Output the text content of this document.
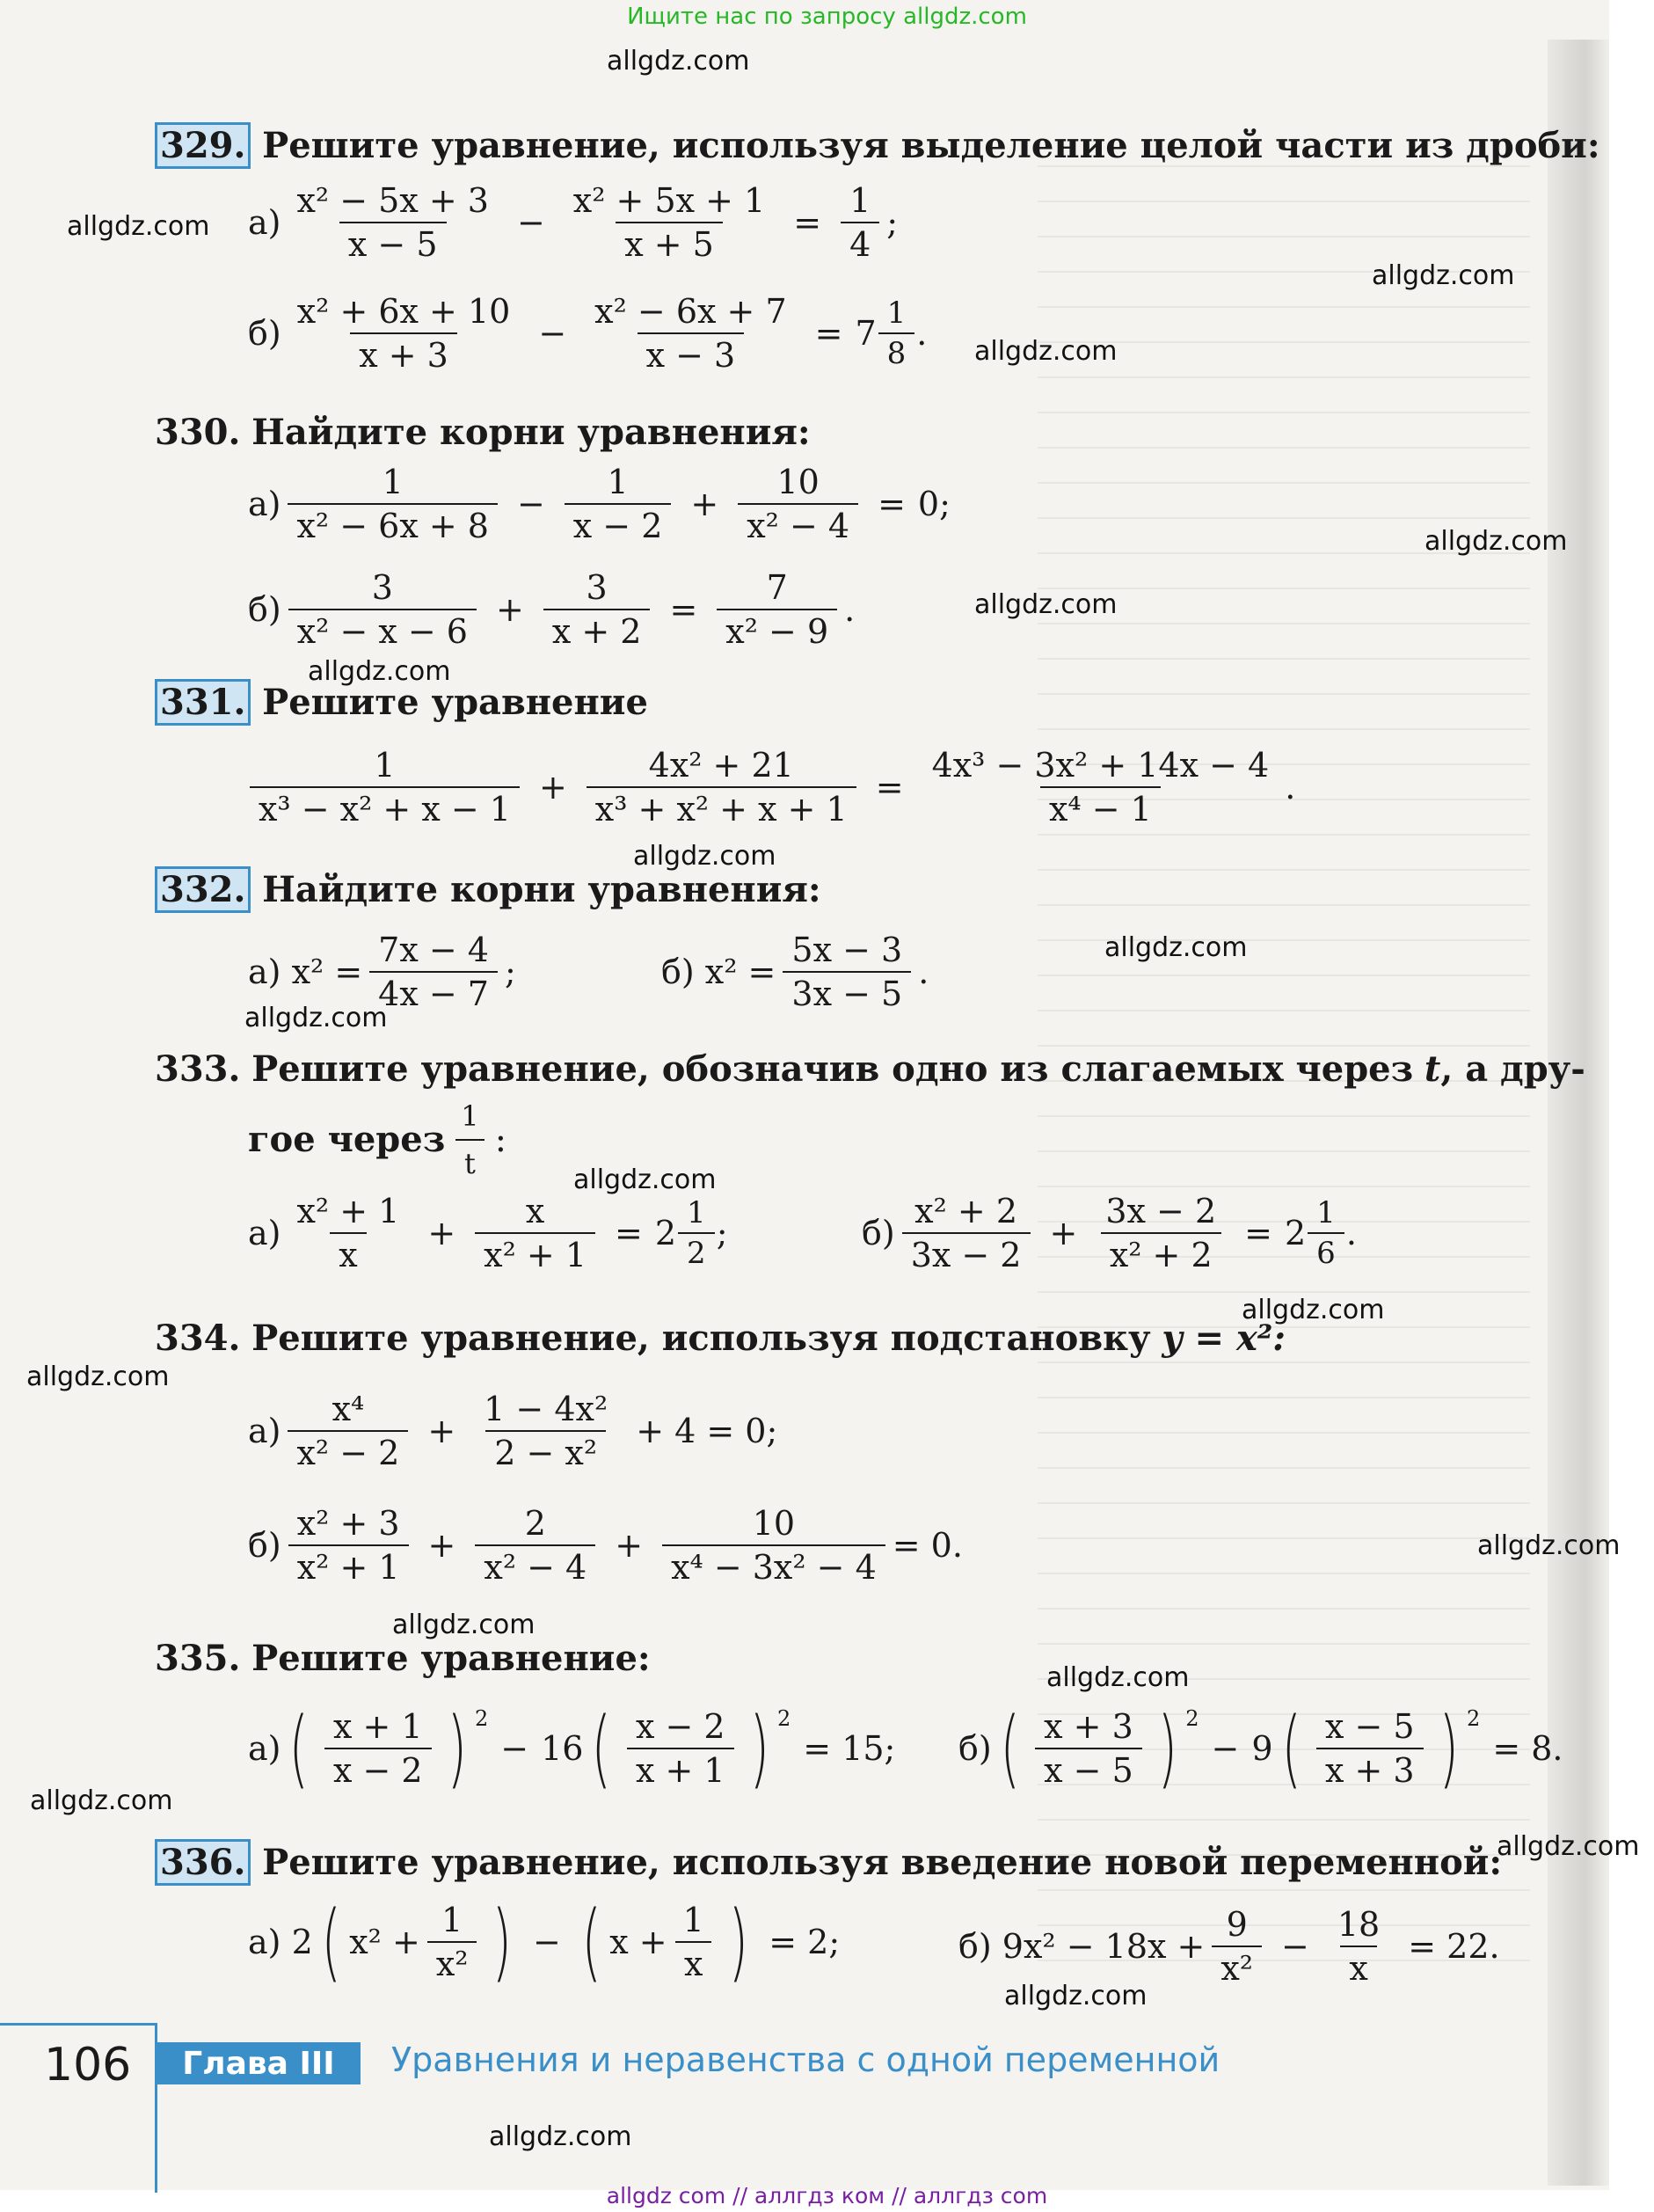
Ищите нас по запросу allgdz.com
allgdz.com
allgdz.com
allgdz.com
allgdz.com
allgdz.com
allgdz.com
allgdz.com
allgdz.com
allgdz.com
allgdz.com
allgdz.com
allgdz.com
allgdz.com
allgdz.com
allgdz.com
allgdz.com
allgdz.com
allgdz.com
allgdz.com
allgdz.com
329. Решите уравнение, используя выделение целой части из дроби:
$а) \frac{\text{x² − 5x + 3}}{x - 5} - \frac{\text{x² + 5x + 1}}{x + 5} = \frac{1}{4}$ ;
$б) \frac{\text{x² + 6x + 10}}{x + 3} - \frac{\text{x² − 6x + 7}}{x - 3} = 7 \frac{1}{8}$ .
330. Найдите корни уравнения:
$а) \frac{1}{\text{x² − 6x + 8}} - \frac{1}{x - 2} + \frac{10}{\text{x² − 4}} = 0$;
$б) \frac{3}{\text{x² − x − 6}} + \frac{3}{x + 2} = \frac{7}{\text{x² − 9}}$ .
331. Решите уравнение
$\frac{1}{\text{x³ − x² + x − 1}} + \frac{\text{4x² + 21}}{\text{x³ + x² + x + 1}} = \frac{\text{4x³ − 3x² + 14x − 4}}{\text{x⁴ − 1}}$ .
332. Найдите корни уравнения:
а)
$x^2 = \frac{7x - 4}{4x - 7}$ ;	б)
$x^2 = \frac{5x - 3}{3x - 5}$ .
333. Решите уравнение, обозначив одно из слагаемых через t, а дру-
гое через $\frac{1}{t}$ :
$а) \frac{\text{x² + 1}}{x} + \frac{x}{\text{x² + 1}} = 2 \frac{1}{2}$ ;	$б) \frac{\text{x² + 2}}{3x - 2} + \frac{3x - 2}{\text{x² + 2}} = 2 \frac{1}{6}$ .
334. Решите уравнение, используя подстановку y = x²:
$а) \frac{\text{x⁴}}{\text{x² − 2}} + \frac{\text{1 − 4x²}}{\text{2 − x²}} + 4 = 0$;
$б) \frac{\text{x² + 3}}{\text{x² + 1}} + \frac{2}{\text{x² − 4}} + \frac{10}{\text{x⁴ − 3x² − 4}} = 0$.
335. Решите уравнение:
а) ( $\frac{x + 1}{x - 2}$ ) $^2$
− 16 ( $\frac{x - 2}{x + 1}$ ) $^2$
= 15; б) ( $\frac{x + 3}{x - 5}$ ) $^2$
− 9 ( $\frac{x - 5}{x + 3}$ ) $^2$
= 8.
336. Решите уравнение, используя введение новой переменной:
а)
2 ( $x^2 + \frac{1}{\text{x²}}$ ) − ( $x + \frac{1}{x}$ ) = 2;	б)
$9x^2 - 18x + \frac{9}{\text{x²}} - \frac{18}{x} = 22$.
106	Глава III	Уравнения и неравенства с одной переменной
allgdz com // аллгдз ком // аллгдз com
